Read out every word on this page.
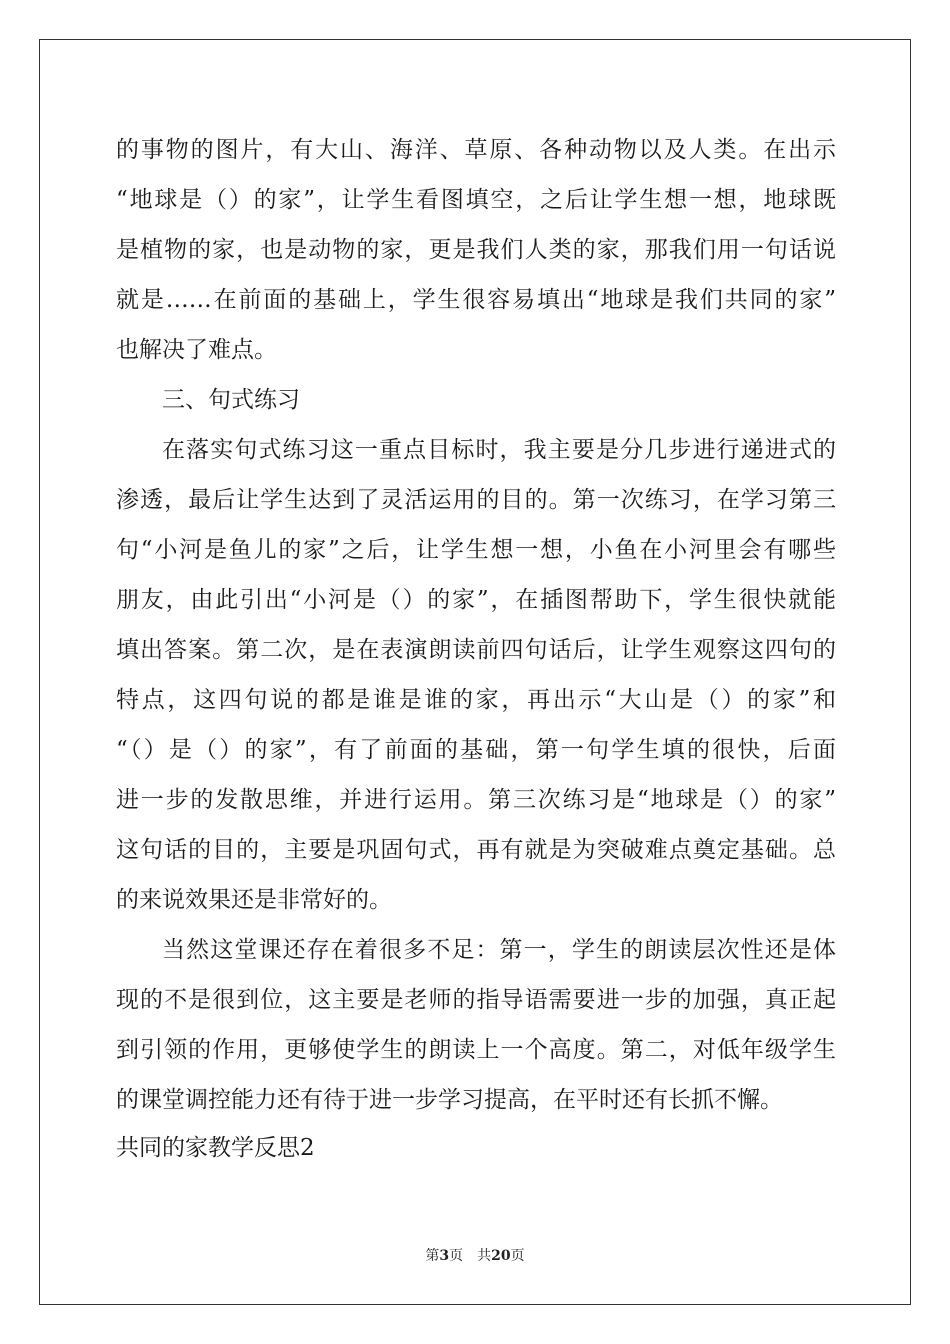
的事物的图片，有大山、海洋、草原、各种动物以及人类。在出示
“地球是（）的家”，让学生看图填空，之后让学生想一想，地球既
是植物的家，也是动物的家，更是我们人类的家，那我们用一句话说
就是……在前面的基础上，学生很容易填出“地球是我们共同的家”
也解决了难点。
三、句式练习
在落实句式练习这一重点目标时，我主要是分几步进行递进式的
渗透，最后让学生达到了灵活运用的目的。第一次练习，在学习第三
句“小河是鱼儿的家”之后，让学生想一想，小鱼在小河里会有哪些
朋友，由此引出“小河是（）的家”，在插图帮助下，学生很快就能
填出答案。第二次，是在表演朗读前四句话后，让学生观察这四句的
特点，这四句说的都是谁是谁的家，再出示“大山是（）的家”和
“（）是（）的家”，有了前面的基础，第一句学生填的很快，后面
进一步的发散思维，并进行运用。第三次练习是“地球是（）的家”
这句话的目的，主要是巩固句式，再有就是为突破难点奠定基础。总
的来说效果还是非常好的。
当然这堂课还存在着很多不足：第一，学生的朗读层次性还是体
现的不是很到位，这主要是老师的指导语需要进一步的加强，真正起
到引领的作用，更够使学生的朗读上一个高度。第二，对低年级学生
的课堂调控能力还有待于进一步学习提高，在平时还有长抓不懈。
共同的家教学反思2
第3页　共20页
